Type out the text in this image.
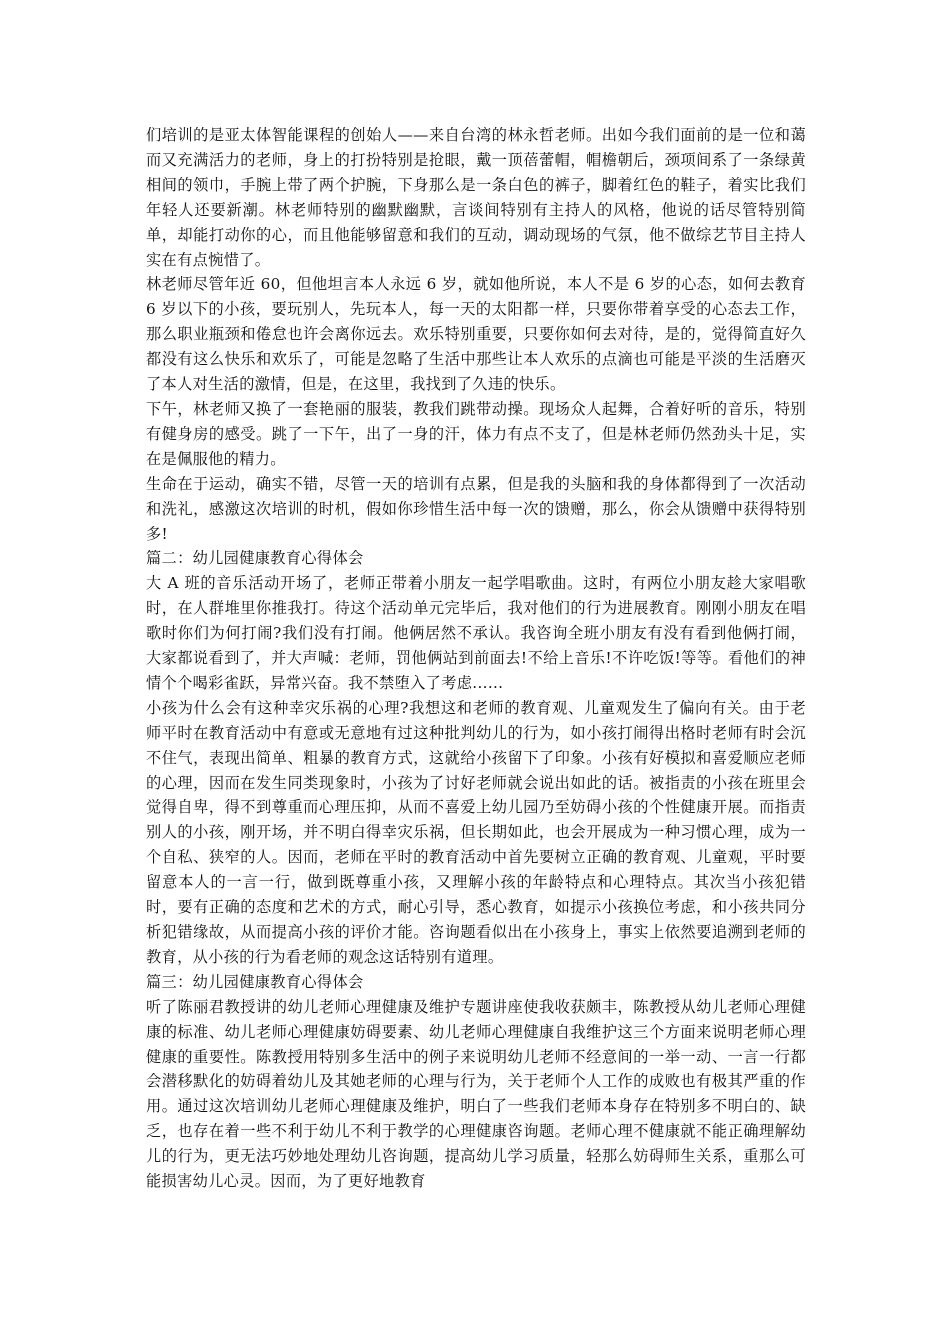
们培训的是亚太体智能课程的创始人——来自台湾的林永哲老师。出如今我们面前的是一位和蔼而又充满活力的老师，身上的打扮特别是抢眼，戴一顶蓓蕾帽，帽檐朝后，颈项间系了一条绿黄相间的领巾，手腕上带了两个护腕，下身那么是一条白色的裤子，脚着红色的鞋子，着实比我们年轻人还要新潮。林老师特别的幽默幽默，言谈间特别有主持人的风格，他说的话尽管特别简单，却能打动你的心，而且他能够留意和我们的互动，调动现场的气氛，他不做综艺节目主持人实在有点惋惜了。

林老师尽管年近 60，但他坦言本人永远 6 岁，就如他所说，本人不是 6 岁的心态，如何去教育 6 岁以下的小孩，要玩别人，先玩本人，每一天的太阳都一样，只要你带着享受的心态去工作，那么职业瓶颈和倦怠也许会离你远去。欢乐特别重要，只要你如何去对待，是的，觉得简直好久都没有这么快乐和欢乐了，可能是忽略了生活中那些让本人欢乐的点滴也可能是平淡的生活磨灭了本人对生活的激情，但是，在这里，我找到了久违的快乐。

下午，林老师又换了一套艳丽的服装，教我们跳带动操。现场众人起舞，合着好听的音乐，特别有健身房的感受。跳了一下午，出了一身的汗，体力有点不支了，但是林老师仍然劲头十足，实在是佩服他的精力。

生命在于运动，确实不错，尽管一天的培训有点累，但是我的头脑和我的身体都得到了一次活动和洗礼，感激这次培训的时机，假如你珍惜生活中每一次的馈赠，那么，你会从馈赠中获得特别多!

篇二：幼儿园健康教育心得体会

大 A 班的音乐活动开场了，老师正带着小朋友一起学唱歌曲。这时，有两位小朋友趁大家唱歌时，在人群堆里你推我打。待这个活动单元完毕后，我对他们的行为进展教育。刚刚小朋友在唱歌时你们为何打闹?我们没有打闹。他俩居然不承认。我咨询全班小朋友有没有看到他俩打闹，大家都说看到了，并大声喊：老师，罚他俩站到前面去!不给上音乐!不许吃饭!等等。看他们的神情个个喝彩雀跃，异常兴奋。我不禁堕入了考虑......

小孩为什么会有这种幸灾乐祸的心理?我想这和老师的教育观、儿童观发生了偏向有关。由于老师平时在教育活动中有意或无意地有过这种批判幼儿的行为，如小孩打闹得出格时老师有时会沉不住气，表现出简单、粗暴的教育方式，这就给小孩留下了印象。小孩有好模拟和喜爱顺应老师的心理，因而在发生同类现象时，小孩为了讨好老师就会说出如此的话。被指责的小孩在班里会觉得自卑，得不到尊重而心理压抑，从而不喜爱上幼儿园乃至妨碍小孩的个性健康开展。而指责别人的小孩，刚开场，并不明白得幸灾乐祸，但长期如此，也会开展成为一种习惯心理，成为一个自私、狭窄的人。因而，老师在平时的教育活动中首先要树立正确的教育观、儿童观，平时要留意本人的一言一行，做到既尊重小孩，又理解小孩的年龄特点和心理特点。其次当小孩犯错时，要有正确的态度和艺术的方式，耐心引导，悉心教育，如提示小孩换位考虑，和小孩共同分析犯错缘故，从而提高小孩的评价才能。咨询题看似出在小孩身上，事实上依然要追溯到老师的教育，从小孩的行为看老师的观念这话特别有道理。

篇三：幼儿园健康教育心得体会

听了陈丽君教授讲的幼儿老师心理健康及维护专题讲座使我收获颇丰，陈教授从幼儿老师心理健康的标准、幼儿老师心理健康妨碍要素、幼儿老师心理健康自我维护这三个方面来说明老师心理健康的重要性。陈教授用特别多生活中的例子来说明幼儿老师不经意间的一举一动、一言一行都会潜移默化的妨碍着幼儿及其她老师的心理与行为，关于老师个人工作的成败也有极其严重的作用。通过这次培训幼儿老师心理健康及维护，明白了一些我们老师本身存在特别多不明白的、缺乏，也存在着一些不利于幼儿不利于教学的心理健康咨询题。老师心理不健康就不能正确理解幼儿的行为，更无法巧妙地处理幼儿咨询题，提高幼儿学习质量，轻那么妨碍师生关系，重那么可能损害幼儿心灵。因而，为了更好地教育
